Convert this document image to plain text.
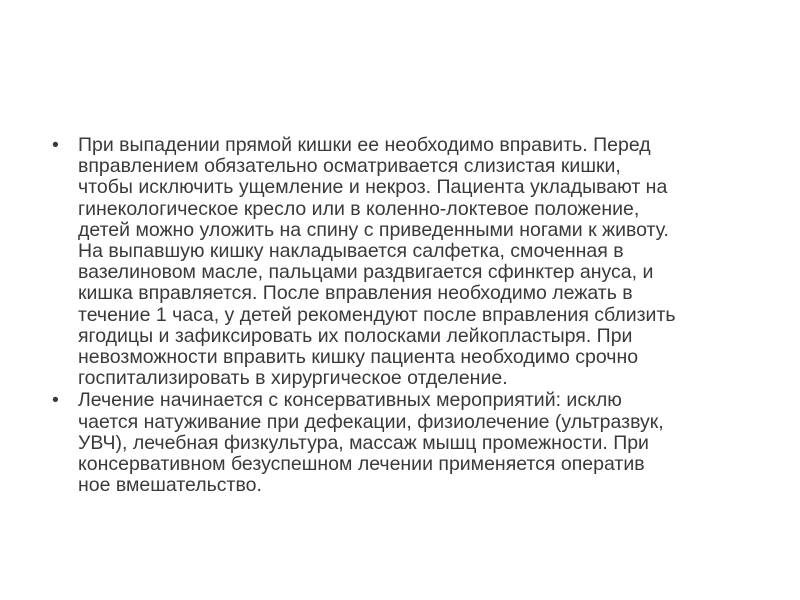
• При выпадении прямой кишки ее необходимо вправить. Перед
вправлением обязательно осматривается слизистая кишки,
чтобы исключить ущемление и некроз. Пациента укладывают на
гинекологическое кресло или в коленно-локтевое положение,
детей можно уложить на спину с приведенными ногами к животу.
На выпавшую кишку накладывается салфетка, смоченная в
вазелиновом масле, пальцами раздвигается сфинктер ануса, и
кишка вправляется. После вправления необходимо лежать в
течение 1 часа, у детей рекомендуют после вправления сблизить
ягодицы и зафиксировать их полосками лейкопластыря. При
невозможности вправить кишку пациента необходимо срочно
госпитализировать в хирургическое отделение.
• Лечение начинается с консервативных мероприятий: исклю
чается натуживание при дефекации, физиолечение (ультразвук,
УВЧ), лечебная физкультура, массаж мышц промежности. При
консервативном безуспешном лечении применяется оператив
ное вмешательство.
